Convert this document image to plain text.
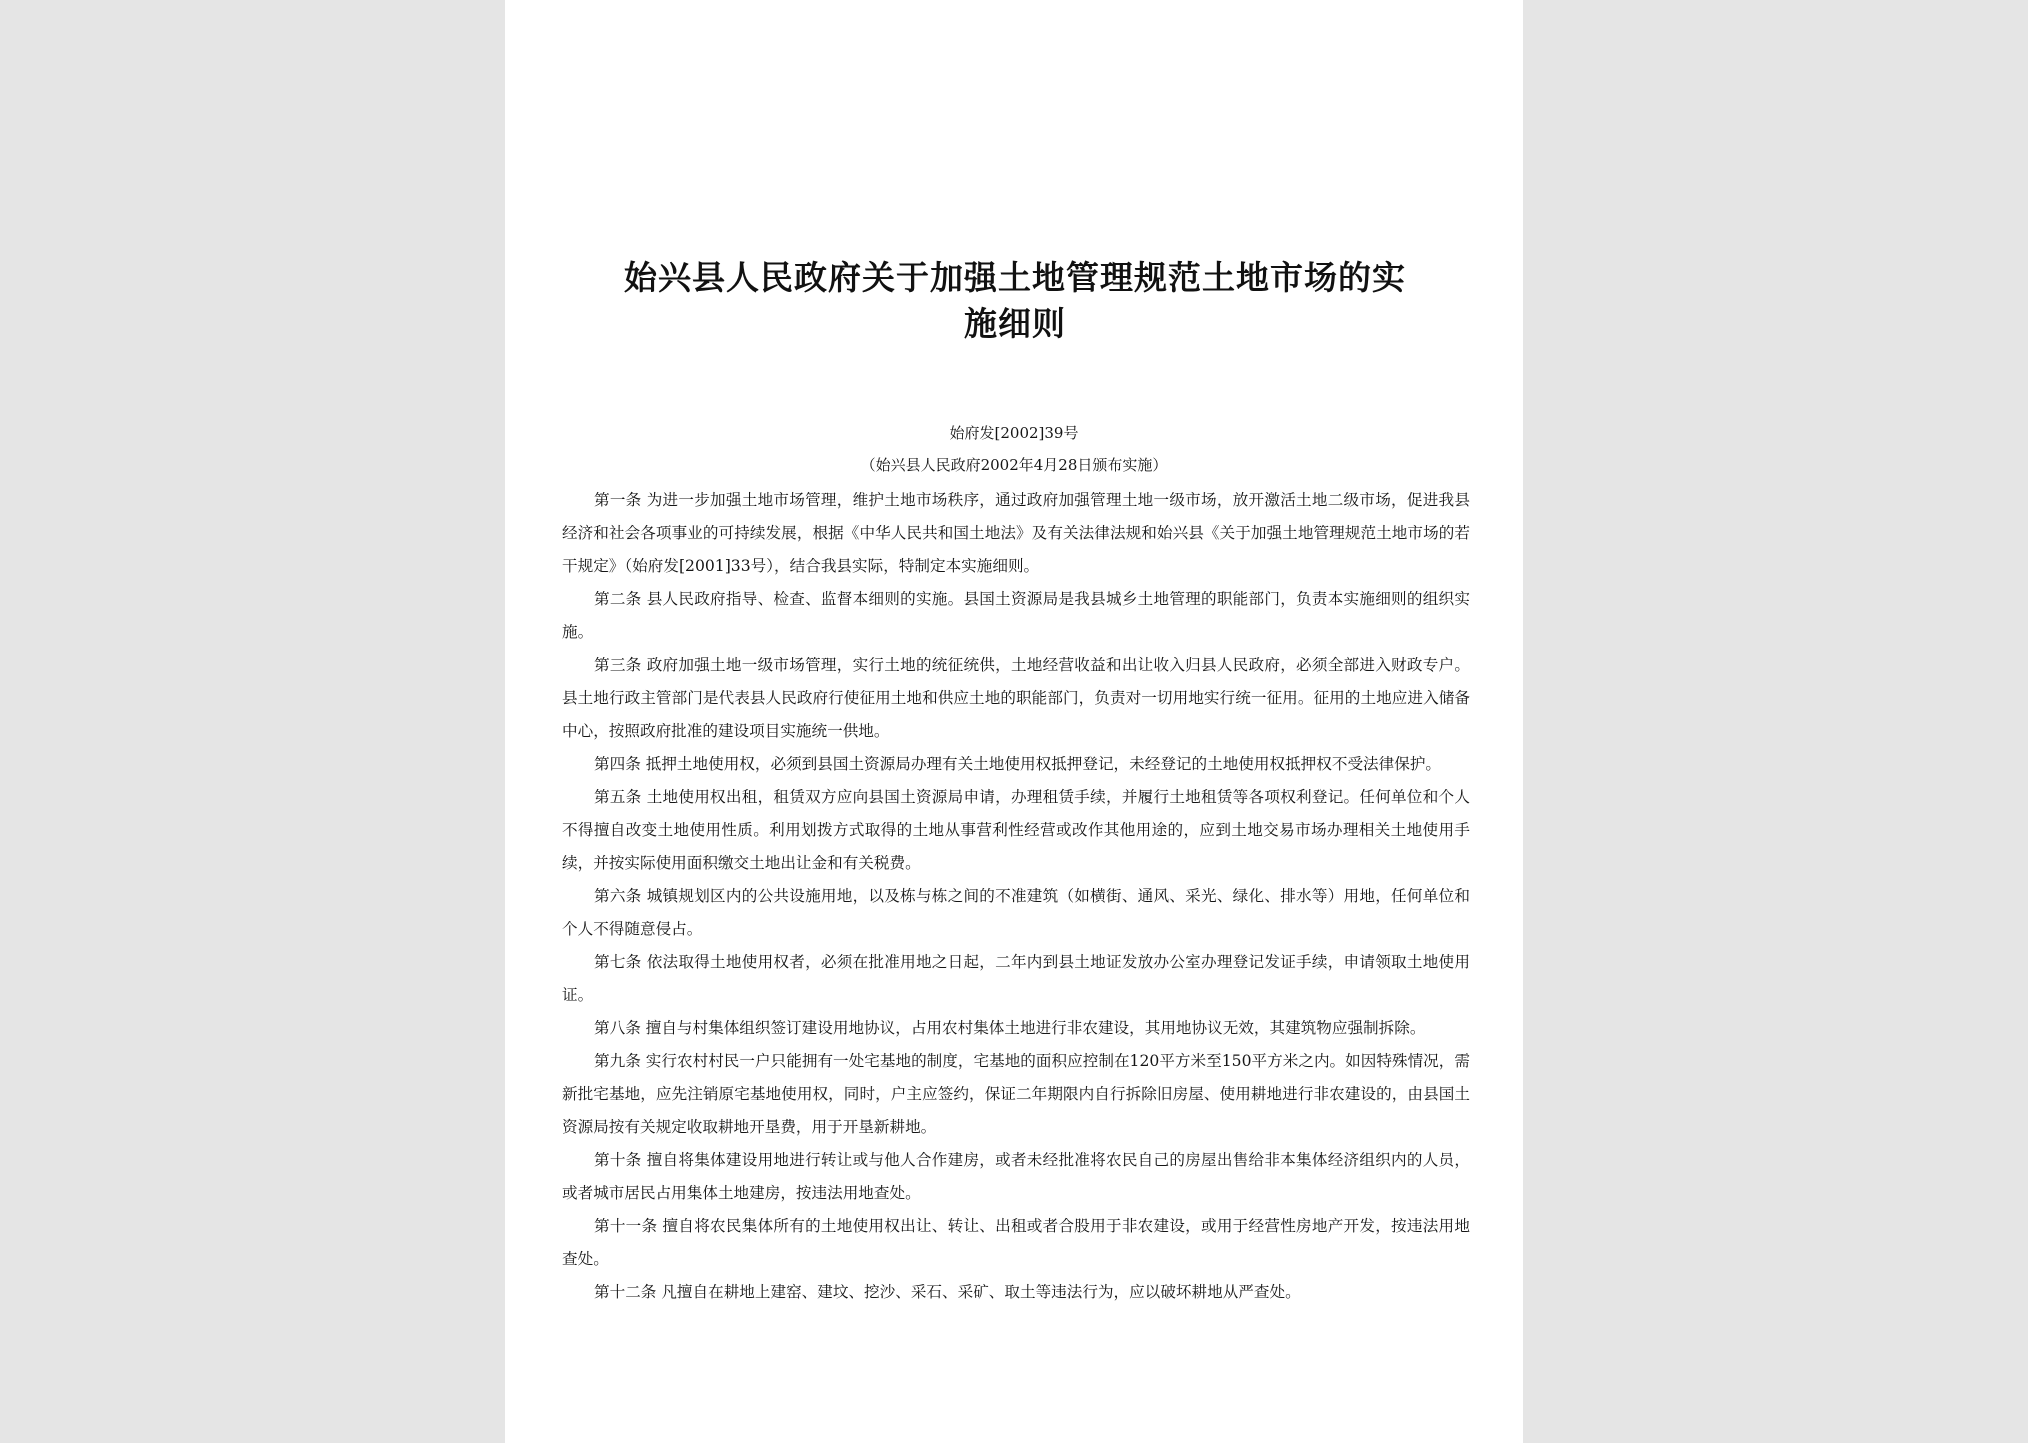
始兴县人民政府关于加强土地管理规范土地市场的实
施细则
始府发[2002]39号
（始兴县人民政府2002年4月28日颁布实施）

第一条 为进一步加强土地市场管理，维护土地市场秩序，通过政府加强管理土地一级市场，放开激活土地二级市场，促进我县经济和社会各项事业的可持续发展，根据《中华人民共和国土地法》及有关法律法规和始兴县《关于加强土地管理规范土地市场的若干规定》（始府发[2001]33号），结合我县实际，特制定本实施细则。

第二条 县人民政府指导、检查、监督本细则的实施。县国土资源局是我县城乡土地管理的职能部门，负责本实施细则的组织实施。

第三条 政府加强土地一级市场管理，实行土地的统征统供，土地经营收益和出让收入归县人民政府，必须全部进入财政专户。县土地行政主管部门是代表县人民政府行使征用土地和供应土地的职能部门，负责对一切用地实行统一征用。征用的土地应进入储备中心，按照政府批准的建设项目实施统一供地。

第四条 抵押土地使用权，必须到县国土资源局办理有关土地使用权抵押登记，未经登记的土地使用权抵押权不受法律保护。

第五条 土地使用权出租，租赁双方应向县国土资源局申请，办理租赁手续，并履行土地租赁等各项权利登记。任何单位和个人不得擅自改变土地使用性质。利用划拨方式取得的土地从事营利性经营或改作其他用途的，应到土地交易市场办理相关土地使用手续，并按实际使用面积缴交土地出让金和有关税费。

第六条 城镇规划区内的公共设施用地，以及栋与栋之间的不准建筑（如横街、通风、采光、绿化、排水等）用地，任何单位和个人不得随意侵占。

第七条 依法取得土地使用权者，必须在批准用地之日起，二年内到县土地证发放办公室办理登记发证手续，申请领取土地使用证。

第八条 擅自与村集体组织签订建设用地协议，占用农村集体土地进行非农建设，其用地协议无效，其建筑物应强制拆除。

第九条 实行农村村民一户只能拥有一处宅基地的制度，宅基地的面积应控制在120平方米至150平方米之内。如因特殊情况，需新批宅基地，应先注销原宅基地使用权，同时，户主应签约，保证二年期限内自行拆除旧房屋、使用耕地进行非农建设的，由县国土资源局按有关规定收取耕地开垦费，用于开垦新耕地。

第十条 擅自将集体建设用地进行转让或与他人合作建房，或者未经批准将农民自己的房屋出售给非本集体经济组织内的人员，或者城市居民占用集体土地建房，按违法用地查处。

第十一条 擅自将农民集体所有的土地使用权出让、转让、出租或者合股用于非农建设，或用于经营性房地产开发，按违法用地查处。

第十二条 凡擅自在耕地上建窑、建坟、挖沙、采石、采矿、取土等违法行为，应以破坏耕地从严查处。
